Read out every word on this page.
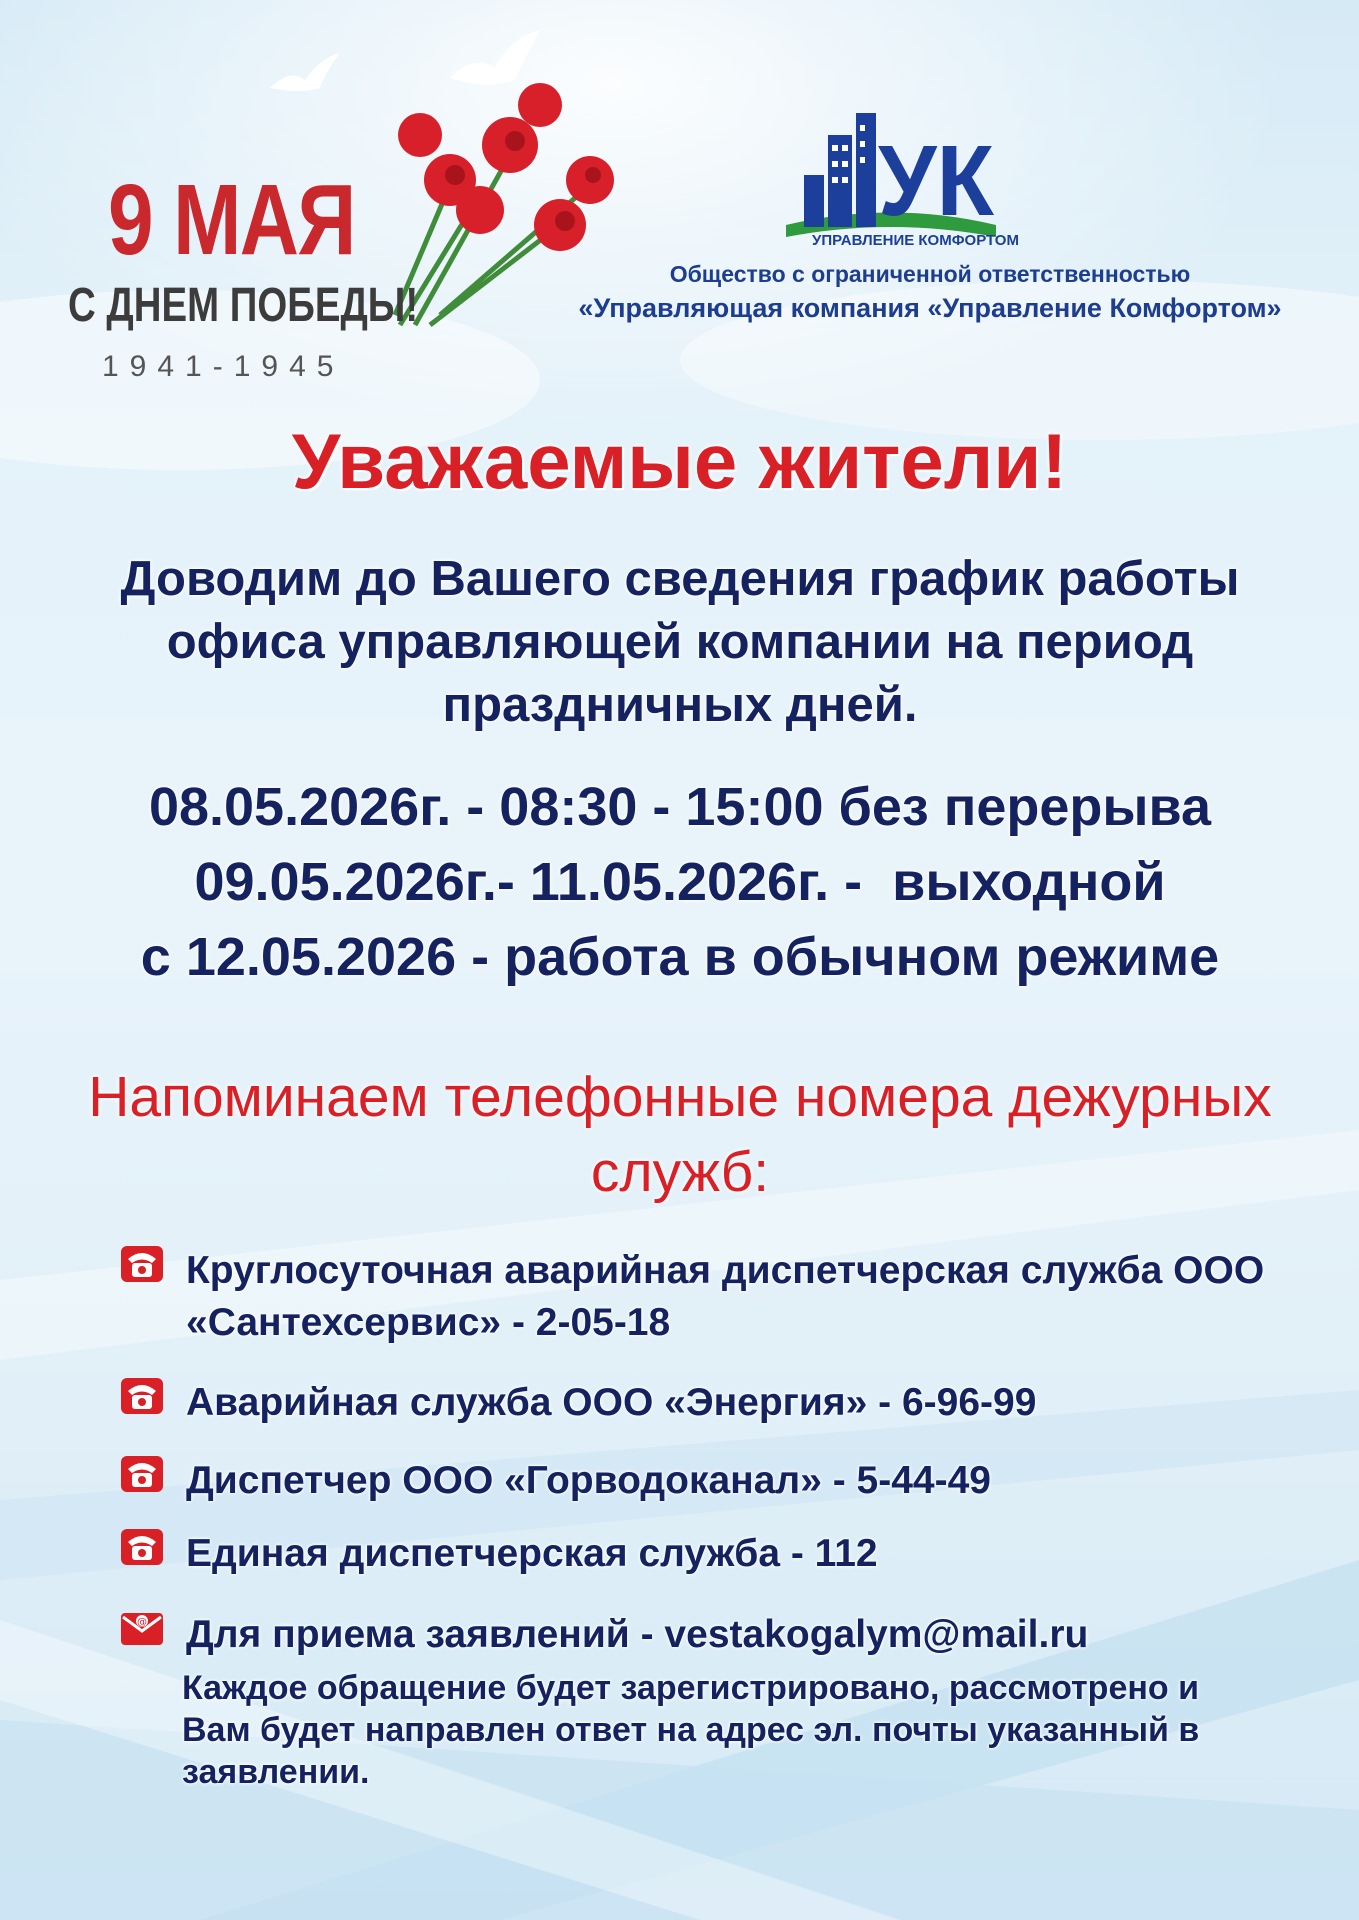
9 МАЯ

С ДНЕМ ПОБЕДЫ!

1941-1945

УК

УПРАВЛЕНИЕ КОМФОРТОМ

Общество с ограниченной ответственностью

«Управляющая компания «Управление Комфортом»

Уважаемые жители!

Доводим до Вашего сведения график работы офиса управляющей компании на период праздничных дней.

08.05.2026г. - 08:30 - 15:00 без перерыва
09.05.2026г.- 11.05.2026г. -  выходной
с 12.05.2026 - работа в обычном режиме

Напоминаем телефонные номера дежурных служб:

Круглосуточная аварийная диспетчерская служба ООО «Сантехсервис» - 2-05-18

Аварийная служба ООО «Энергия» - 6-96-99

Диспетчер ООО «Горводоканал» - 5-44-49

Единая диспетчерская служба - 112

@ Для приема заявлений - vestakogalym@mail.ru

Каждое обращение будет зарегистрировано, рассмотрено и Вам будет направлен ответ на адрес эл. почты указанный в заявлении.
